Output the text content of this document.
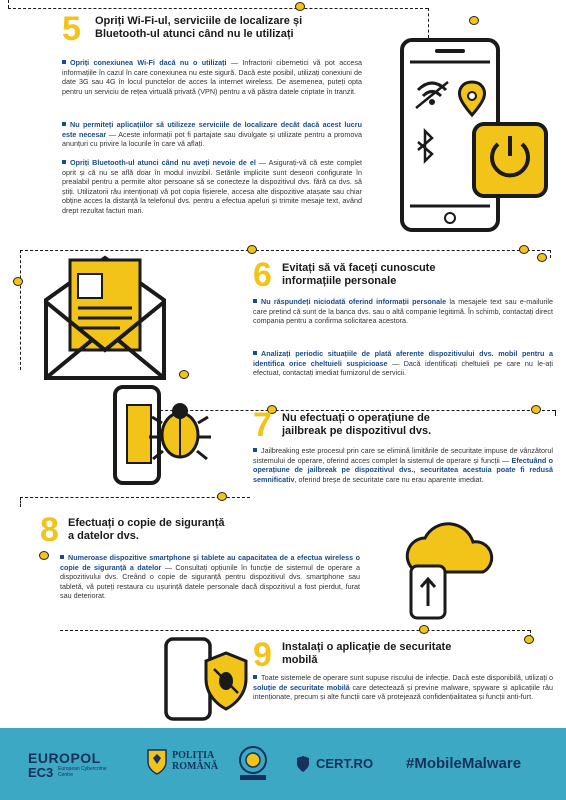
5 Opriți Wi-Fi-ul, serviciile de localizare și Bluetooth-ul atunci când nu le utilizați
Opriți conexiunea Wi-Fi dacă nu o utilizați — Infractorii cibernetici vă pot accesa informațiile în cazul în care conexiunea nu este sigură. Dacă este posibil, utilizați conexiuni de date 3G sau 4G în locul punctelor de acces la internet wireless. De asemenea, puteți opta pentru un serviciu de rețea virtuală privată (VPN) pentru a vă păstra datele criptate în tranzit.
Nu permiteți aplicațiilor să utilizeze serviciile de localizare decât dacă acest lucru este necesar — Aceste informații pot fi partajate sau divulgate și utilizate pentru a promova anunțuri cu privire la locurile în care vă aflați.
Opriți Bluetooth-ul atunci când nu aveți nevoie de el — Asigurați-vă că este complet oprit și că nu se află doar în modul invizibil. Setările implicite sunt deseori configurate în prealabil pentru a permite altor persoane să se conecteze la dispozitivul dvs. fără ca dvs. să știți. Utilizatorii rău intenționați vă pot copia fișierele, accesa alte dispozitive atașate sau chiar obține acces la distanță la telefonul dvs. pentru a efectua apeluri și trimite mesaje text, având drept rezultat facturi mari.
6 Evitați să vă faceți cunoscute informațiile personale
Nu răspundeți niciodată oferind informații personale la mesajele text sau e-mailurile care pretind că sunt de la banca dvs. sau o altă companie legitimă. În schimb, contactați direct compania pentru a confirma solicitarea acestora.
Analizați periodic situațiile de plată aferente dispozitivului dvs. mobil pentru a identifica orice cheltuieli suspicioase — Dacă identificați cheltuieli pe care nu le-ați efectuat, contactați imediat furnizorul de servicii.
7 Nu efectuați o operațiune de jailbreak pe dispozitivul dvs.
Jailbreaking este procesul prin care se elimină limitările de securitate impuse de vânzătorul sistemului de operare, oferind acces complet la sistemul de operare și funcții — Efectuând o operațiune de jailbreak pe dispozitivul dvs., securitatea acestuia poate fi redusă semnificativ, oferind breșe de securitate care nu erau aparente imediat.
8 Efectuați o copie de siguranță a datelor dvs.
Numeroase dispozitive smartphone și tablete au capacitatea de a efectua wireless o copie de siguranță a datelor — Consultați opțiunile în funcție de sistemul de operare a dispozitivului dvs. Creând o copie de siguranță pentru dispozitivul dvs. smartphone sau tabletă, vă puteți restaura cu ușurință datele personale dacă dispozitivul a fost pierdut, furat sau deteriorat.
9 Instalați o aplicație de securitate mobilă
Toate sistemele de operare sunt supuse riscului de infecție. Dacă este disponibilă, utilizați o soluție de securitate mobilă care detectează și previne malware, spyware și aplicațiile rău intenționate, precum și alte funcții care vă protejează confidențialitatea și funcții anti-furt.
EUROPOL
EC3 European Cybercrime Centre
POLIȚIA
ROMÂNĂ	CERT.RO #MobileMalware
